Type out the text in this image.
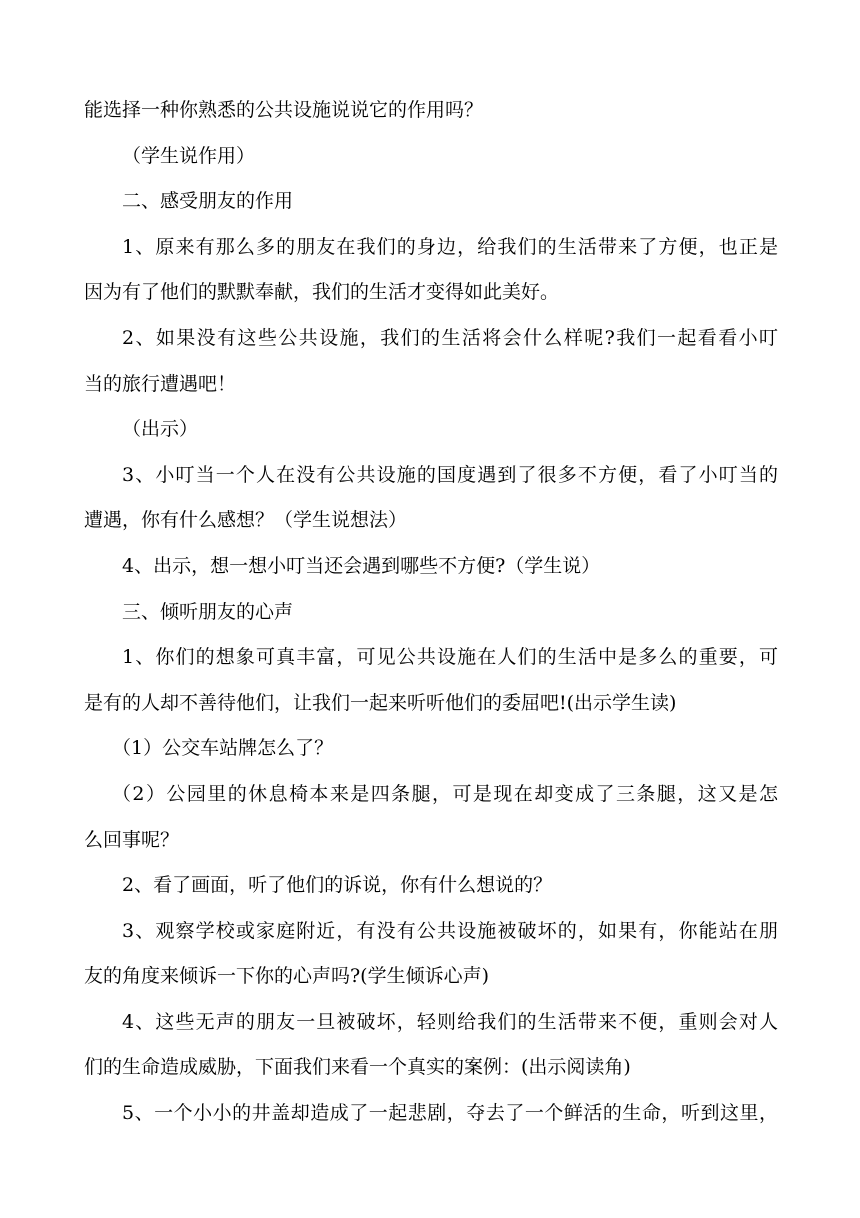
能选择一种你熟悉的公共设施说说它的作用吗？

（学生说作用）

二、感受朋友的作用

1、原来有那么多的朋友在我们的身边，给我们的生活带来了方便，也正是

因为有了他们的默默奉献，我们的生活才变得如此美好。

2、如果没有这些公共设施，我们的生活将会什么样呢?我们一起看看小叮

当的旅行遭遇吧！

（出示）

3、小叮当一个人在没有公共设施的国度遇到了很多不方便，看了小叮当的

遭遇，你有什么感想？（学生说想法）

4、出示，想一想小叮当还会遇到哪些不方便?（学生说）

三、倾听朋友的心声

1、你们的想象可真丰富，可见公共设施在人们的生活中是多么的重要，可

是有的人却不善待他们，让我们一起来听听他们的委屈吧!(出示学生读)

（1）公交车站牌怎么了？

（2）公园里的休息椅本来是四条腿，可是现在却变成了三条腿，这又是怎

么回事呢？

2、看了画面，听了他们的诉说，你有什么想说的？

3、观察学校或家庭附近，有没有公共设施被破坏的，如果有，你能站在朋

友的角度来倾诉一下你的心声吗?(学生倾诉心声)

4、这些无声的朋友一旦被破坏，轻则给我们的生活带来不便，重则会对人

们的生命造成威胁，下面我们来看一个真实的案例：(出示阅读角)

5、一个小小的井盖却造成了一起悲剧，夺去了一个鲜活的生命，听到这里，
